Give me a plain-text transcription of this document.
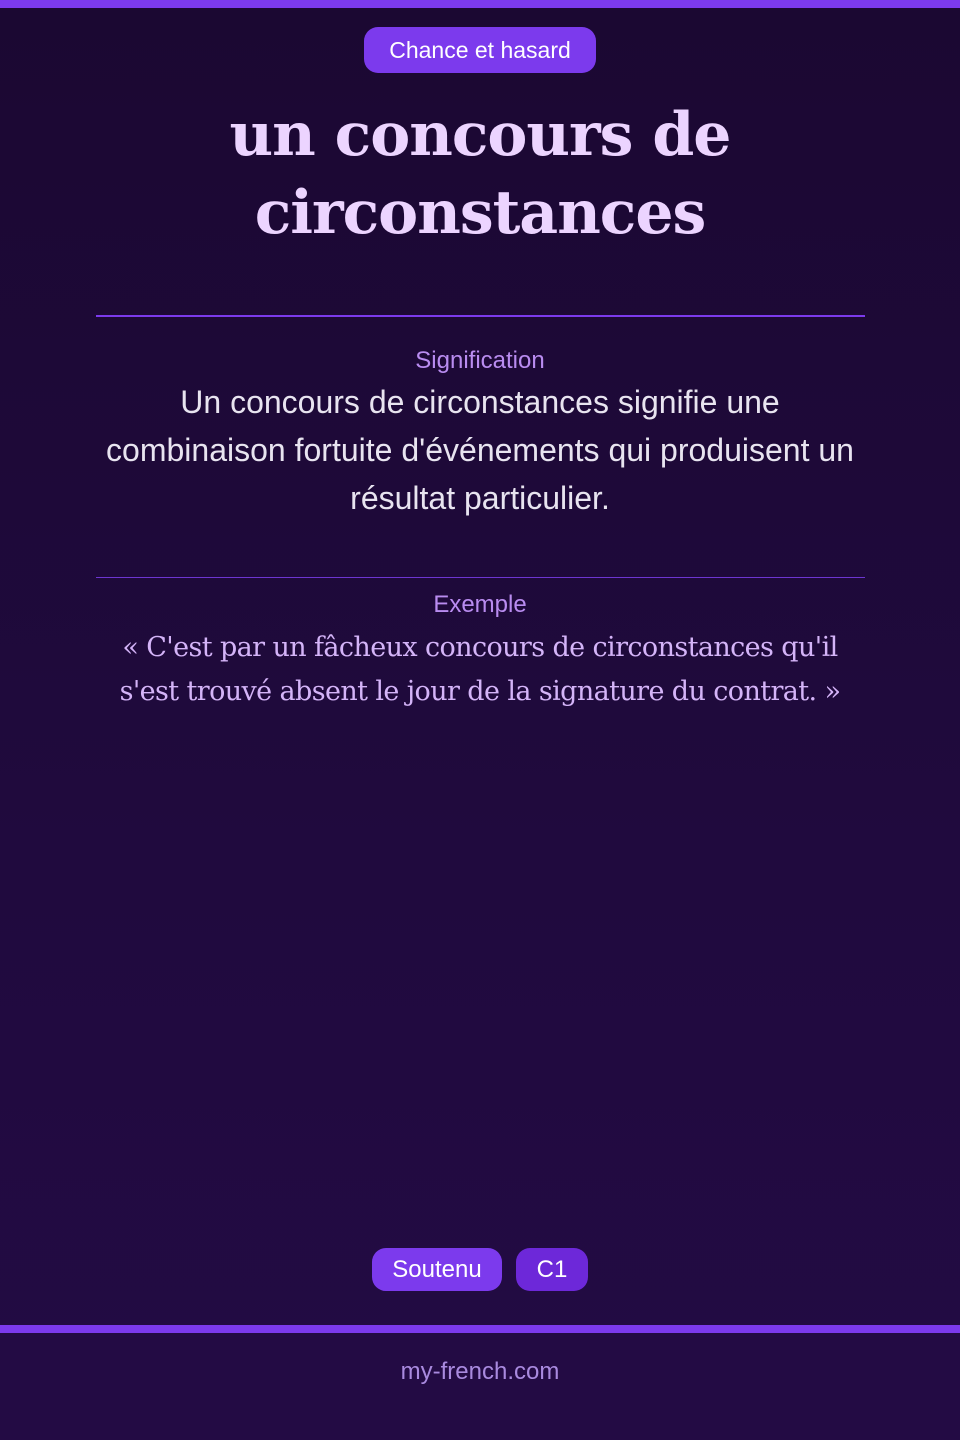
Chance et hasard
un concours de circonstances
Signification
Un concours de circonstances signifie une combinaison fortuite d'événements qui produisent un résultat particulier.
Exemple
« C'est par un fâcheux concours de circonstances qu'il s'est trouvé absent le jour de la signature du contrat. »
Soutenu	C1
my-french.com
